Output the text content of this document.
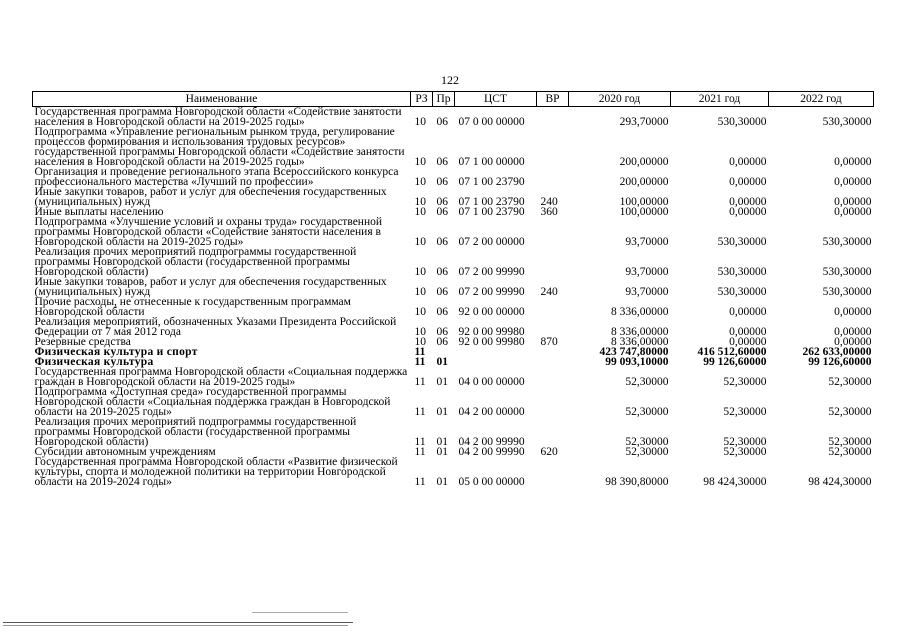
122
Наименование	РЗ	Пр	ЦСТ	ВР	2020 год	2021 год	2022 год
Государственная программа Новгородской области «Содействие занятости населения в Новгородской области на 2019-2025 годы»	10	06	07 0 00 00000		293,70000	530,30000	530,30000
Подпрограмма «Управление региональным рынком труда, регулирование процессов формирования и использования трудовых ресурсов» государственной программы Новгородской области «Содействие занятости населения в Новгородской области на 2019-2025 годы»	10	06	07 1 00 00000		200,00000	0,00000	0,00000
Организация и проведение регионального этапа Всероссийского конкурса профессионального мастерства «Лучший по профессии»	10	06	07 1 00 23790		200,00000	0,00000	0,00000
Иные закупки товаров, работ и услуг для обеспечения государственных (муниципальных) нужд	10	06	07 1 00 23790	240	100,00000	0,00000	0,00000
Иные выплаты населению	10	06	07 1 00 23790	360	100,00000	0,00000	0,00000
Подпрограмма «Улучшение условий и охраны труда» государственной программы Новгородской области «Содействие занятости населения в Новгородской области на 2019-2025 годы»	10	06	07 2 00 00000		93,70000	530,30000	530,30000
Реализация прочих мероприятий подпрограммы государственной программы Новгородской области (государственной программы Новгородской области)	10	06	07 2 00 99990		93,70000	530,30000	530,30000
Иные закупки товаров, работ и услуг для обеспечения государственных (муниципальных) нужд	10	06	07 2 00 99990	240	93,70000	530,30000	530,30000
Прочие расходы, не отнесенные к государственным программам Новгородской области	10	06	92 0 00 00000		8 336,00000	0,00000	0,00000
Реализация мероприятий, обозначенных Указами Президента Российской Федерации от 7 мая 2012 года	10	06	92 0 00 99980		8 336,00000	0,00000	0,00000
Резервные средства	10	06	92 0 00 99980	870	8 336,00000	0,00000	0,00000
Физическая культура и спорт	11				423 747,80000	416 512,60000	262 633,00000
Физическая культура	11	01			99 093,10000	99 126,60000	99 126,60000
Государственная программа Новгородской области «Социальная поддержка граждан в Новгородской области на 2019-2025 годы»	11	01	04 0 00 00000		52,30000	52,30000	52,30000
Подпрограмма «Доступная среда» государственной программы Новгородской области «Социальная поддержка граждан в Новгородской области на 2019-2025 годы»	11	01	04 2 00 00000		52,30000	52,30000	52,30000
Реализация прочих мероприятий подпрограммы государственной программы Новгородской области (государственной программы Новгородской области)	11	01	04 2 00 99990		52,30000	52,30000	52,30000
Субсидии автономным учреждениям	11	01	04 2 00 99990	620	52,30000	52,30000	52,30000
Государственная программа Новгородской области «Развитие физической культуры, спорта и молодежной политики на территории Новгородской области на 2019-2024 годы»	11	01	05 0 00 00000		98 390,80000	98 424,30000	98 424,30000
